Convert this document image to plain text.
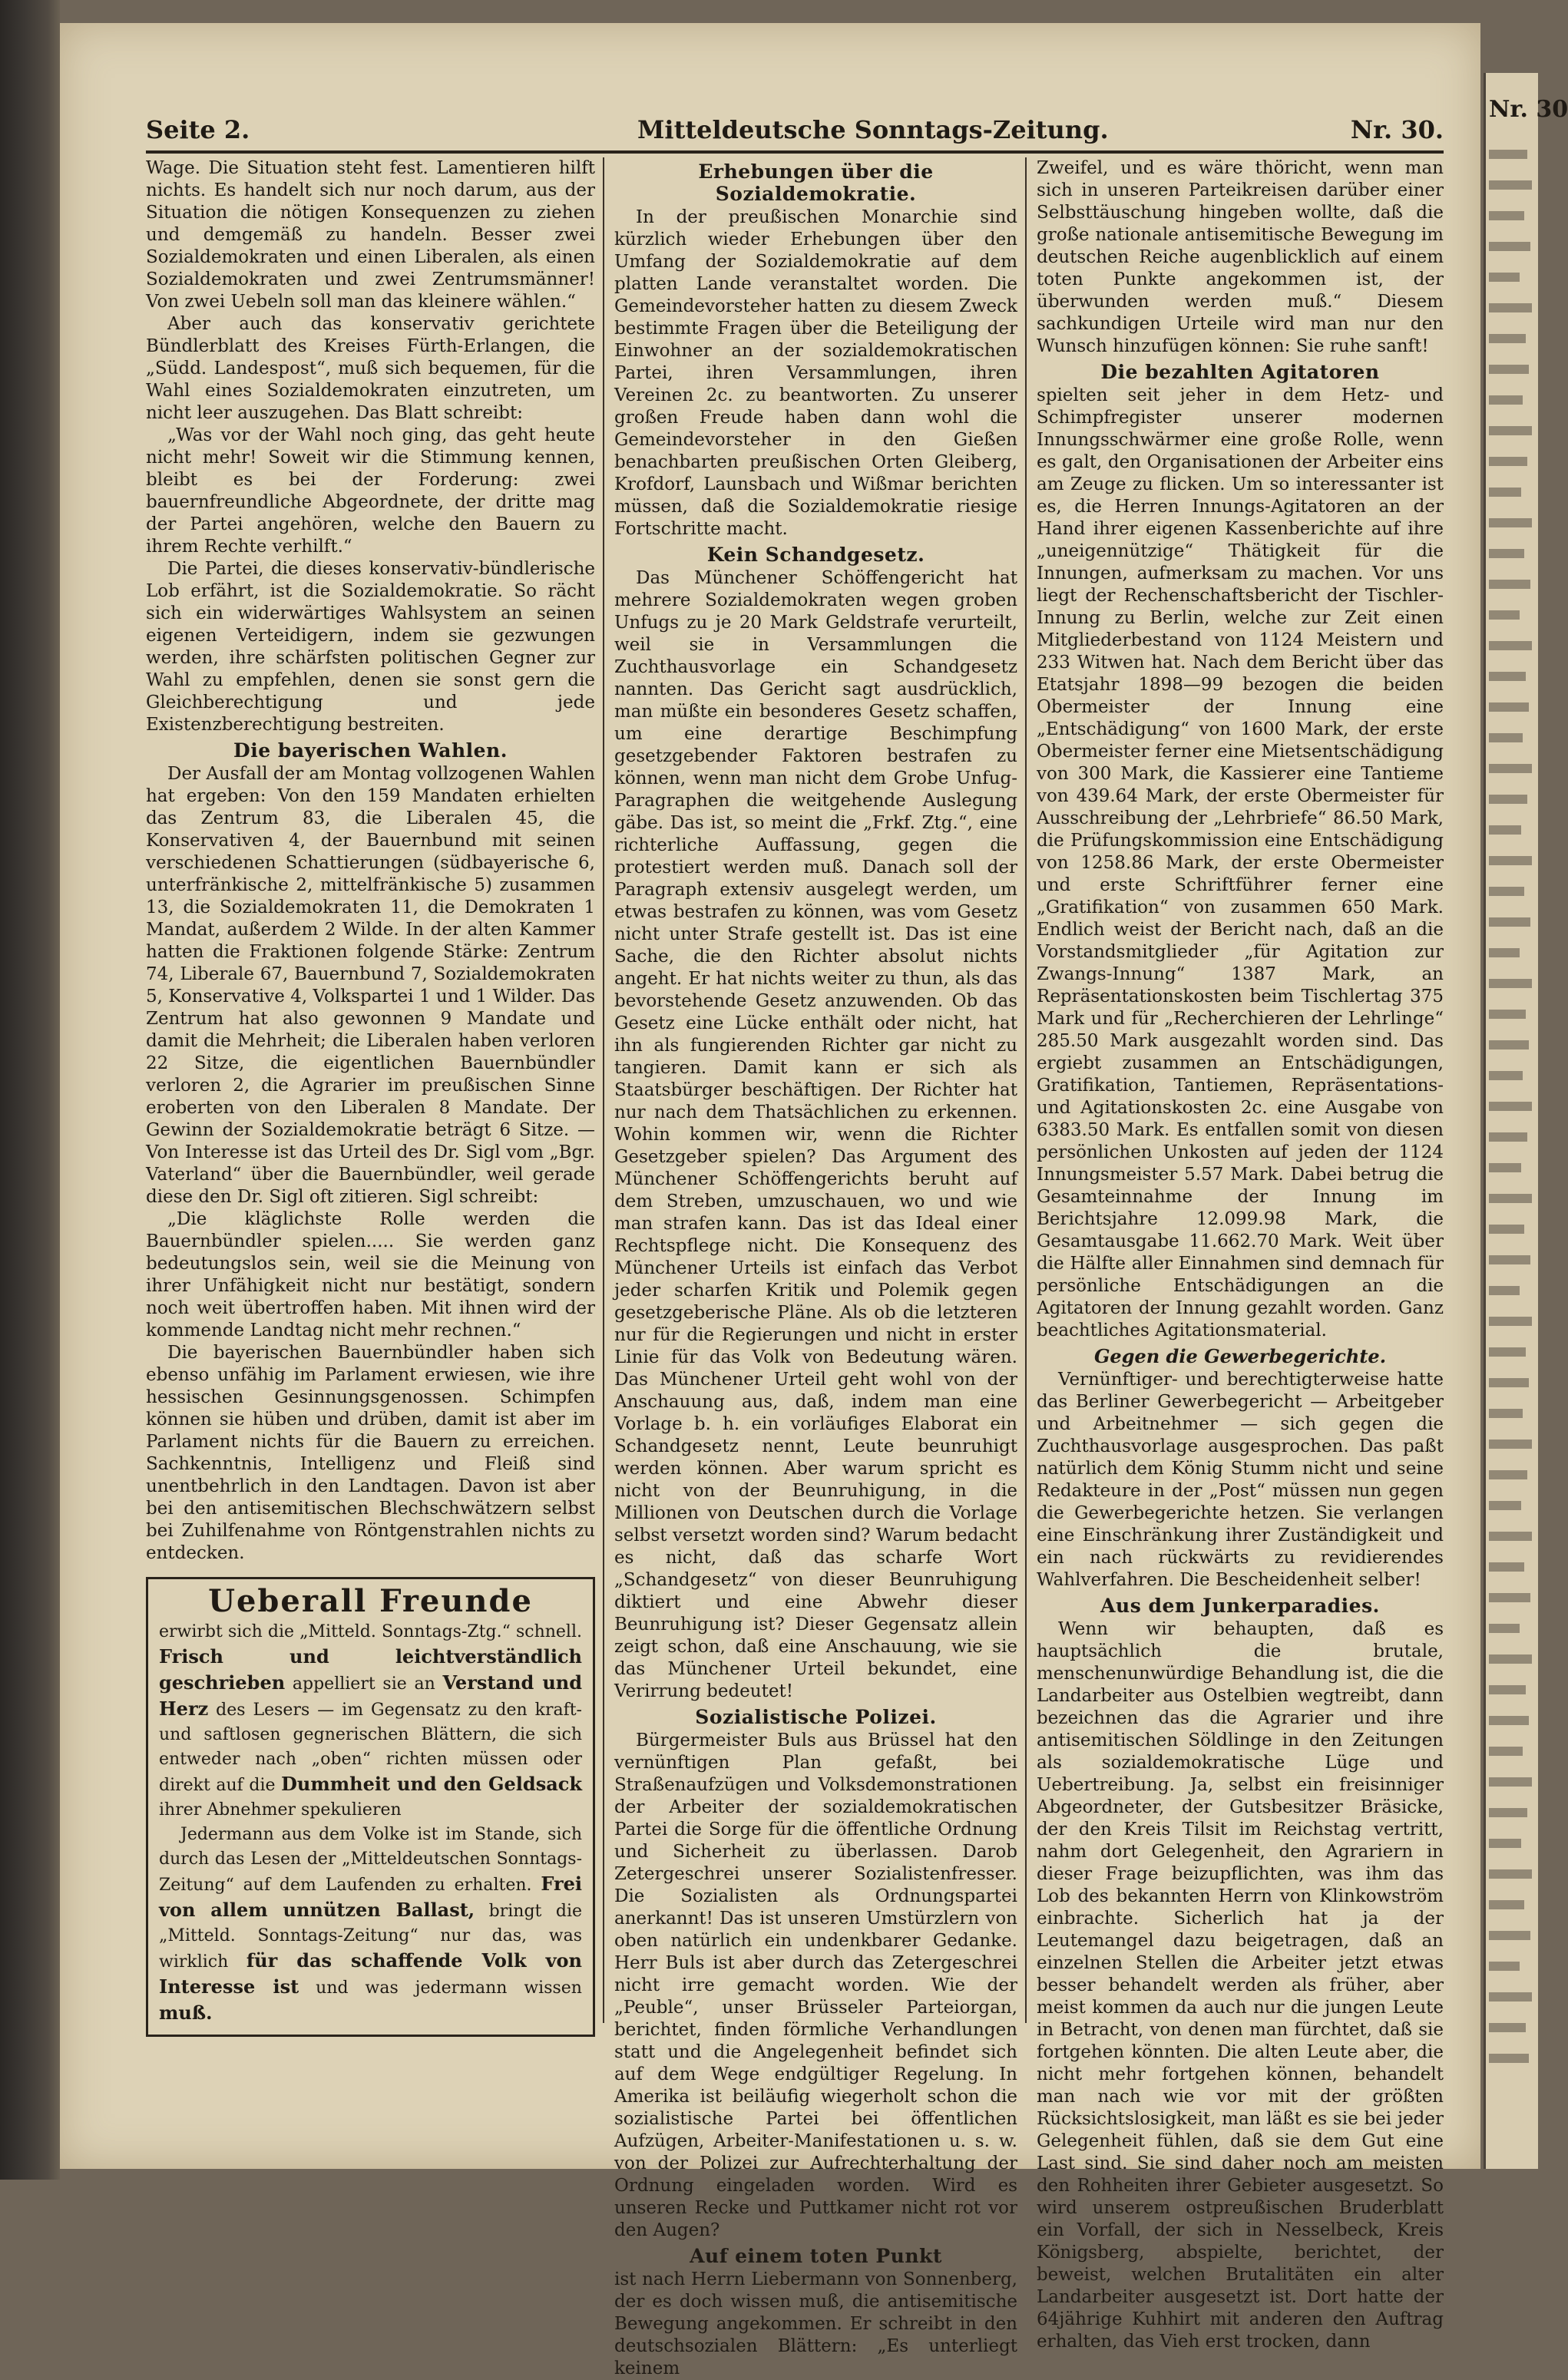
Nr. 30
Seite 2.	Mitteldeutsche Sonntags-Zeitung.	Nr. 30.

Wage. Die Situation steht fest. Lamentieren hilft nichts. Es handelt sich nur noch darum, aus der Situation die nötigen Konsequenzen zu ziehen und demgemäß zu handeln. Besser zwei Sozialdemokraten und einen Liberalen, als einen Sozialdemokraten und zwei Zentrumsmänner! Von zwei Uebeln soll man das kleinere wählen.“

Aber auch das konservativ gerichtete Bündlerblatt des Kreises Fürth-Erlangen, die „Südd. Landespost“, muß sich bequemen, für die Wahl eines Sozialdemokraten einzutreten, um nicht leer auszugehen. Das Blatt schreibt:

„Was vor der Wahl noch ging, das geht heute nicht mehr! Soweit wir die Stimmung kennen, bleibt es bei der Forderung: zwei bauernfreundliche Abgeordnete, der dritte mag der Partei angehören, welche den Bauern zu ihrem Rechte verhilft.“

Die Partei, die dieses konservativ-bündlerische Lob erfährt, ist die Sozialdemokratie. So rächt sich ein widerwärtiges Wahlsystem an seinen eigenen Verteidigern, indem sie gezwungen werden, ihre schärfsten politischen Gegner zur Wahl zu empfehlen, denen sie sonst gern die Gleichberechtigung und jede Existenzberechtigung bestreiten.

Die bayerischen Wahlen.

Der Ausfall der am Montag vollzogenen Wahlen hat ergeben: Von den 159 Mandaten erhielten das Zentrum 83, die Liberalen 45, die Konservativen 4, der Bauernbund mit seinen verschiedenen Schattierungen (südbayerische 6, unterfränkische 2, mittelfränkische 5) zusammen 13, die Sozialdemokraten 11, die Demokraten 1 Mandat, außerdem 2 Wilde. In der alten Kammer hatten die Fraktionen folgende Stärke: Zentrum 74, Liberale 67, Bauernbund 7, Sozialdemokraten 5, Konservative 4, Volkspartei 1 und 1 Wilder. Das Zentrum hat also gewonnen 9 Mandate und damit die Mehrheit; die Liberalen haben verloren 22 Sitze, die eigentlichen Bauernbündler verloren 2, die Agrarier im preußischen Sinne eroberten von den Liberalen 8 Mandate. Der Gewinn der Sozialdemokratie beträgt 6 Sitze. — Von Interesse ist das Urteil des Dr. Sigl vom „Bgr. Vaterland“ über die Bauernbündler, weil gerade diese den Dr. Sigl oft zitieren. Sigl schreibt:

„Die kläglichste Rolle werden die Bauernbündler spielen..... Sie werden ganz bedeutungslos sein, weil sie die Meinung von ihrer Unfähigkeit nicht nur bestätigt, sondern noch weit übertroffen haben. Mit ihnen wird der kommende Landtag nicht mehr rechnen.“

Die bayerischen Bauernbündler haben sich ebenso unfähig im Parlament erwiesen, wie ihre hessischen Gesinnungsgenossen. Schimpfen können sie hüben und drüben, damit ist aber im Parlament nichts für die Bauern zu erreichen. Sachkenntnis, Intelligenz und Fleiß sind unentbehrlich in den Landtagen. Davon ist aber bei den antisemitischen Blechschwätzern selbst bei Zuhilfenahme von Röntgenstrahlen nichts zu entdecken.

Ueberall Freunde

erwirbt sich die „Mitteld. Sonntags-Ztg.“ schnell. Frisch und leichtverständlich geschrieben appelliert sie an Verstand und Herz des Lesers — im Gegensatz zu den kraft- und saftlosen gegnerischen Blättern, die sich entweder nach „oben“ richten müssen oder direkt auf die Dummheit und den Geldsack ihrer Abnehmer spekulieren

Jedermann aus dem Volke ist im Stande, sich durch das Lesen der „Mitteldeutschen Sonntags-Zeitung“ auf dem Laufenden zu erhalten. Frei von allem unnützen Ballast, bringt die „Mitteld. Sonntags-Zeitung“ nur das, was wirklich für das schaffende Volk von Interesse ist und was jedermann wissen muß.

Erhebungen über die Sozialdemokratie.

In der preußischen Monarchie sind kürzlich wieder Erhebungen über den Umfang der Sozialdemokratie auf dem platten Lande veranstaltet worden. Die Gemeindevorsteher hatten zu diesem Zweck bestimmte Fragen über die Beteiligung der Einwohner an der sozialdemokratischen Partei, ihren Versammlungen, ihren Vereinen 2c. zu beantworten. Zu unserer großen Freude haben dann wohl die Gemeindevorsteher in den Gießen benachbarten preußischen Orten Gleiberg, Krofdorf, Launsbach und Wißmar berichten müssen, daß die Sozialdemokratie riesige Fortschritte macht.

Kein Schandgesetz.

Das Münchener Schöffengericht hat mehrere Sozialdemokraten wegen groben Unfugs zu je 20 Mark Geldstrafe verurteilt, weil sie in Versammlungen die Zuchthausvorlage ein Schandgesetz nannten. Das Gericht sagt ausdrücklich, man müßte ein besonderes Gesetz schaffen, um eine derartige Beschimpfung gesetzgebender Faktoren bestrafen zu können, wenn man nicht dem Grobe Unfug-Paragraphen die weitgehende Auslegung gäbe. Das ist, so meint die „Frkf. Ztg.“, eine richterliche Auffassung, gegen die protestiert werden muß. Danach soll der Paragraph extensiv ausgelegt werden, um etwas bestrafen zu können, was vom Gesetz nicht unter Strafe gestellt ist. Das ist eine Sache, die den Richter absolut nichts angeht. Er hat nichts weiter zu thun, als das bevorstehende Gesetz anzuwenden. Ob das Gesetz eine Lücke enthält oder nicht, hat ihn als fungierenden Richter gar nicht zu tangieren. Damit kann er sich als Staatsbürger beschäftigen. Der Richter hat nur nach dem Thatsächlichen zu erkennen. Wohin kommen wir, wenn die Richter Gesetzgeber spielen? Das Argument des Münchener Schöffengerichts beruht auf dem Streben, umzuschauen, wo und wie man strafen kann. Das ist das Ideal einer Rechtspflege nicht. Die Konsequenz des Münchener Urteils ist einfach das Verbot jeder scharfen Kritik und Polemik gegen gesetzgeberische Pläne. Als ob die letzteren nur für die Regierungen und nicht in erster Linie für das Volk von Bedeutung wären. Das Münchener Urteil geht wohl von der Anschauung aus, daß, indem man eine Vorlage b. h. ein vorläufiges Elaborat ein Schandgesetz nennt, Leute beunruhigt werden können. Aber warum spricht es nicht von der Beunruhigung, in die Millionen von Deutschen durch die Vorlage selbst versetzt worden sind? Warum bedacht es nicht, daß das scharfe Wort „Schandgesetz“ von dieser Beunruhigung diktiert und eine Abwehr dieser Beunruhigung ist? Dieser Gegensatz allein zeigt schon, daß eine Anschauung, wie sie das Münchener Urteil bekundet, eine Verirrung bedeutet!

Sozialistische Polizei.

Bürgermeister Buls aus Brüssel hat den vernünftigen Plan gefaßt, bei Straßenaufzügen und Volksdemonstrationen der Arbeiter der sozialdemokratischen Partei die Sorge für die öffentliche Ordnung und Sicherheit zu überlassen. Darob Zetergeschrei unserer Sozialistenfresser. Die Sozialisten als Ordnungspartei anerkannt! Das ist unseren Umstürzlern von oben natürlich ein undenkbarer Gedanke. Herr Buls ist aber durch das Zetergeschrei nicht irre gemacht worden. Wie der „Peuble“, unser Brüsseler Parteiorgan, berichtet, finden förmliche Verhandlungen statt und die Angelegenheit befindet sich auf dem Wege endgültiger Regelung. In Amerika ist beiläufig wiegerholt schon die sozialistische Partei bei öffentlichen Aufzügen, Arbeiter-Manifestationen u. s. w. von der Polizei zur Aufrechterhaltung der Ordnung eingeladen worden. Wird es unseren Recke und Puttkamer nicht rot vor den Augen?

Auf einem toten Punkt

ist nach Herrn Liebermann von Sonnenberg, der es doch wissen muß, die antisemitische Bewegung angekommen. Er schreibt in den deutschsozialen Blättern: „Es unterliegt keinem

Zweifel, und es wäre thöricht, wenn man sich in unseren Parteikreisen darüber einer Selbsttäuschung hingeben wollte, daß die große nationale antisemitische Bewegung im deutschen Reiche augenblicklich auf einem toten Punkte angekommen ist, der überwunden werden muß.“ Diesem sachkundigen Urteile wird man nur den Wunsch hinzufügen können: Sie ruhe sanft!

Die bezahlten Agitatoren

spielten seit jeher in dem Hetz- und Schimpfregister unserer modernen Innungsschwärmer eine große Rolle, wenn es galt, den Organisationen der Arbeiter eins am Zeuge zu flicken. Um so interessanter ist es, die Herren Innungs-Agitatoren an der Hand ihrer eigenen Kassenberichte auf ihre „uneigennützige“ Thätigkeit für die Innungen, aufmerksam zu machen. Vor uns liegt der Rechenschaftsbericht der Tischler-Innung zu Berlin, welche zur Zeit einen Mitgliederbestand von 1124 Meistern und 233 Witwen hat. Nach dem Bericht über das Etatsjahr 1898—99 bezogen die beiden Obermeister der Innung eine „Entschädigung“ von 1600 Mark, der erste Obermeister ferner eine Mietsentschädigung von 300 Mark, die Kassierer eine Tantieme von 439.64 Mark, der erste Obermeister für Ausschreibung der „Lehrbriefe“ 86.50 Mark, die Prüfungskommission eine Entschädigung von 1258.86 Mark, der erste Obermeister und erste Schriftführer ferner eine „Gratifikation“ von zusammen 650 Mark. Endlich weist der Bericht nach, daß an die Vorstandsmitglieder „für Agitation zur Zwangs-Innung“ 1387 Mark, an Repräsentationskosten beim Tischlertag 375 Mark und für „Recherchieren der Lehrlinge“ 285.50 Mark ausgezahlt worden sind. Das ergiebt zusammen an Entschädigungen, Gratifikation, Tantiemen, Repräsentations- und Agitationskosten 2c. eine Ausgabe von 6383.50 Mark. Es entfallen somit von diesen persönlichen Unkosten auf jeden der 1124 Innungsmeister 5.57 Mark. Dabei betrug die Gesamteinnahme der Innung im Berichtsjahre 12.099.98 Mark, die Gesamtausgabe 11.662.70 Mark. Weit über die Hälfte aller Einnahmen sind demnach für persönliche Entschädigungen an die Agitatoren der Innung gezahlt worden. Ganz beachtliches Agitationsmaterial.

Gegen die Gewerbegerichte.

Vernünftiger- und berechtigterweise hatte das Berliner Gewerbegericht — Arbeitgeber und Arbeitnehmer — sich gegen die Zuchthausvorlage ausgesprochen. Das paßt natürlich dem König Stumm nicht und seine Redakteure in der „Post“ müssen nun gegen die Gewerbegerichte hetzen. Sie verlangen eine Einschränkung ihrer Zuständigkeit und ein nach rückwärts zu revidierendes Wahlverfahren. Die Bescheidenheit selber!

Aus dem Junkerparadies.

Wenn wir behaupten, daß es hauptsächlich die brutale, menschenunwürdige Behandlung ist, die die Landarbeiter aus Ostelbien wegtreibt, dann bezeichnen das die Agrarier und ihre antisemitischen Söldlinge in den Zeitungen als sozialdemokratische Lüge und Uebertreibung. Ja, selbst ein freisinniger Abgeordneter, der Gutsbesitzer Bräsicke, der den Kreis Tilsit im Reichstag vertritt, nahm dort Gelegenheit, den Agrariern in dieser Frage beizupflichten, was ihm das Lob des bekannten Herrn von Klinkowström einbrachte. Sicherlich hat ja der Leutemangel dazu beigetragen, daß an einzelnen Stellen die Arbeiter jetzt etwas besser behandelt werden als früher, aber meist kommen da auch nur die jungen Leute in Betracht, von denen man fürchtet, daß sie fortgehen könnten. Die alten Leute aber, die nicht mehr fortgehen können, behandelt man nach wie vor mit der größten Rücksichtslosigkeit, man läßt es sie bei jeder Gelegenheit fühlen, daß sie dem Gut eine Last sind. Sie sind daher noch am meisten den Rohheiten ihrer Gebieter ausgesetzt. So wird unserem ostpreußischen Bruderblatt ein Vorfall, der sich in Nesselbeck, Kreis Königsberg, abspielte, berichtet, der beweist, welchen Brutalitäten ein alter Landarbeiter ausgesetzt ist. Dort hatte der 64jährige Kuhhirt mit anderen den Auftrag erhalten, das Vieh erst trocken, dann
